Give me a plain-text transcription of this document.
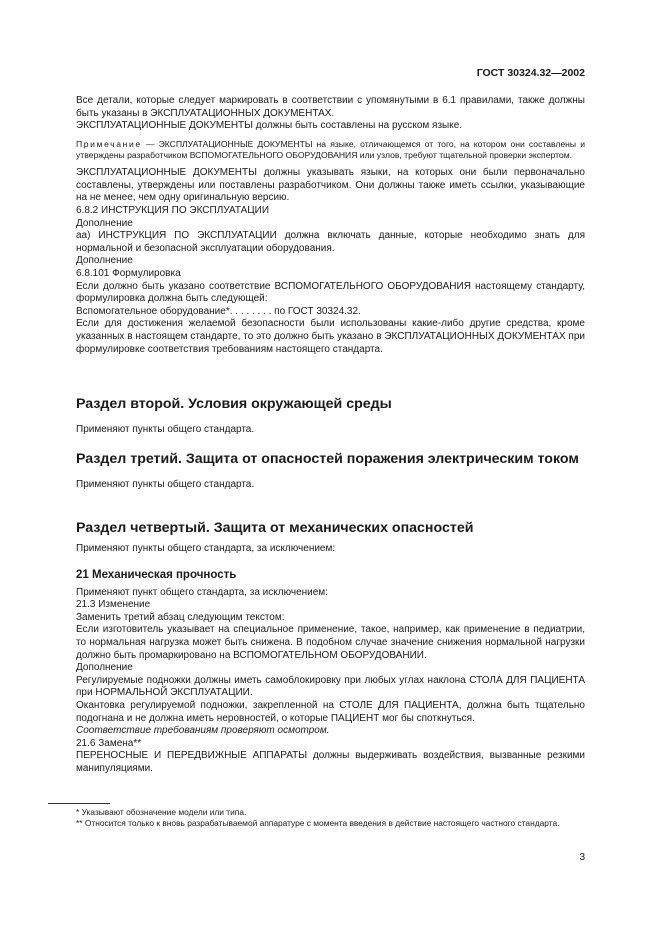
ГОСТ 30324.32—2002

Все детали, которые следует маркировать в соответствии с упомянутыми в 6.1 правилами, также должны быть указаны в ЭКСПЛУАТАЦИОННЫХ ДОКУМЕНТАХ.

ЭКСПЛУАТАЦИОННЫЕ ДОКУМЕНТЫ должны быть составлены на русском языке.

Примечание — ЭКСПЛУАТАЦИОННЫЕ ДОКУМЕНТЫ на языке, отличающемся от того, на котором они составлены и утверждены разработчиком ВСПОМОГАТЕЛЬНОГО ОБОРУДОВАНИЯ или узлов, требуют тщательной проверки экспертом.

ЭКСПЛУАТАЦИОННЫЕ ДОКУМЕНТЫ должны указывать языки, на которых они были первоначально составлены, утверждены или поставлены разработчиком. Они должны также иметь ссылки, указывающие на не менее, чем одну оригинальную версию.

6.8.2 ИНСТРУКЦИЯ ПО ЭКСПЛУАТАЦИИ

Дополнение

аа) ИНСТРУКЦИЯ ПО ЭКСПЛУАТАЦИИ должна включать данные, которые необходимо знать для нормальной и безопасной эксплуатации оборудования.

Дополнение

6.8.101 Формулировка

Если должно быть указано соответствие ВСПОМОГАТЕЛЬНОГО ОБОРУДОВАНИЯ настоящему стандарту, формулировка должна быть следующей:

Вспомогательное оборудование*. . . . . . . . по ГОСТ 30324.32.

Если для достижения желаемой безопасности были использованы какие-либо другие средства, кроме указанных в настоящем стандарте, то это должно быть указано в ЭКСПЛУАТАЦИОННЫХ ДОКУМЕНТАХ при формулировке соответствия требованиям настоящего стандарта.

Раздел второй. Условия окружающей среды

Применяют пункты общего стандарта.

Раздел третий. Защита от опасностей поражения электрическим током

Применяют пункты общего стандарта.

Раздел четвертый. Защита от механических опасностей

Применяют пункты общего стандарта, за исключением:

21 Механическая прочность

Применяют пункт общего стандарта, за исключением:

21.3 Изменение

Заменить третий абзац следующим текстом:

Если изготовитель указывает на специальное применение, такое, например, как применение в педиатрии, то нормальная нагрузка может быть снижена. В подобном случае значение снижения нормальной нагрузки должно быть промаркировано на ВСПОМОГАТЕЛЬНОМ ОБОРУДОВАНИИ.

Дополнение

Регулируемые подножки должны иметь самоблокировку при любых углах наклона СТОЛА ДЛЯ ПАЦИЕНТА при НОРМАЛЬНОЙ ЭКСПЛУАТАЦИИ.

Окантовка регулируемой подножки, закрепленной на СТОЛЕ ДЛЯ ПАЦИЕНТА, должна быть тщательно подогнана и не должна иметь неровностей, о которые ПАЦИЕНТ мог бы споткнуться.

Соответствие требованиям проверяют осмотром.

21.6 Замена**

ПЕРЕНОСНЫЕ И ПЕРЕДВИЖНЫЕ АППАРАТЫ должны выдерживать воздействия, вызванные резкими манипуляциями.

* Указывают обозначение модели или типа.

** Относится только к вновь разрабатываемой аппаратуре с момента введения в действие настоящего частного стандарта.

3
